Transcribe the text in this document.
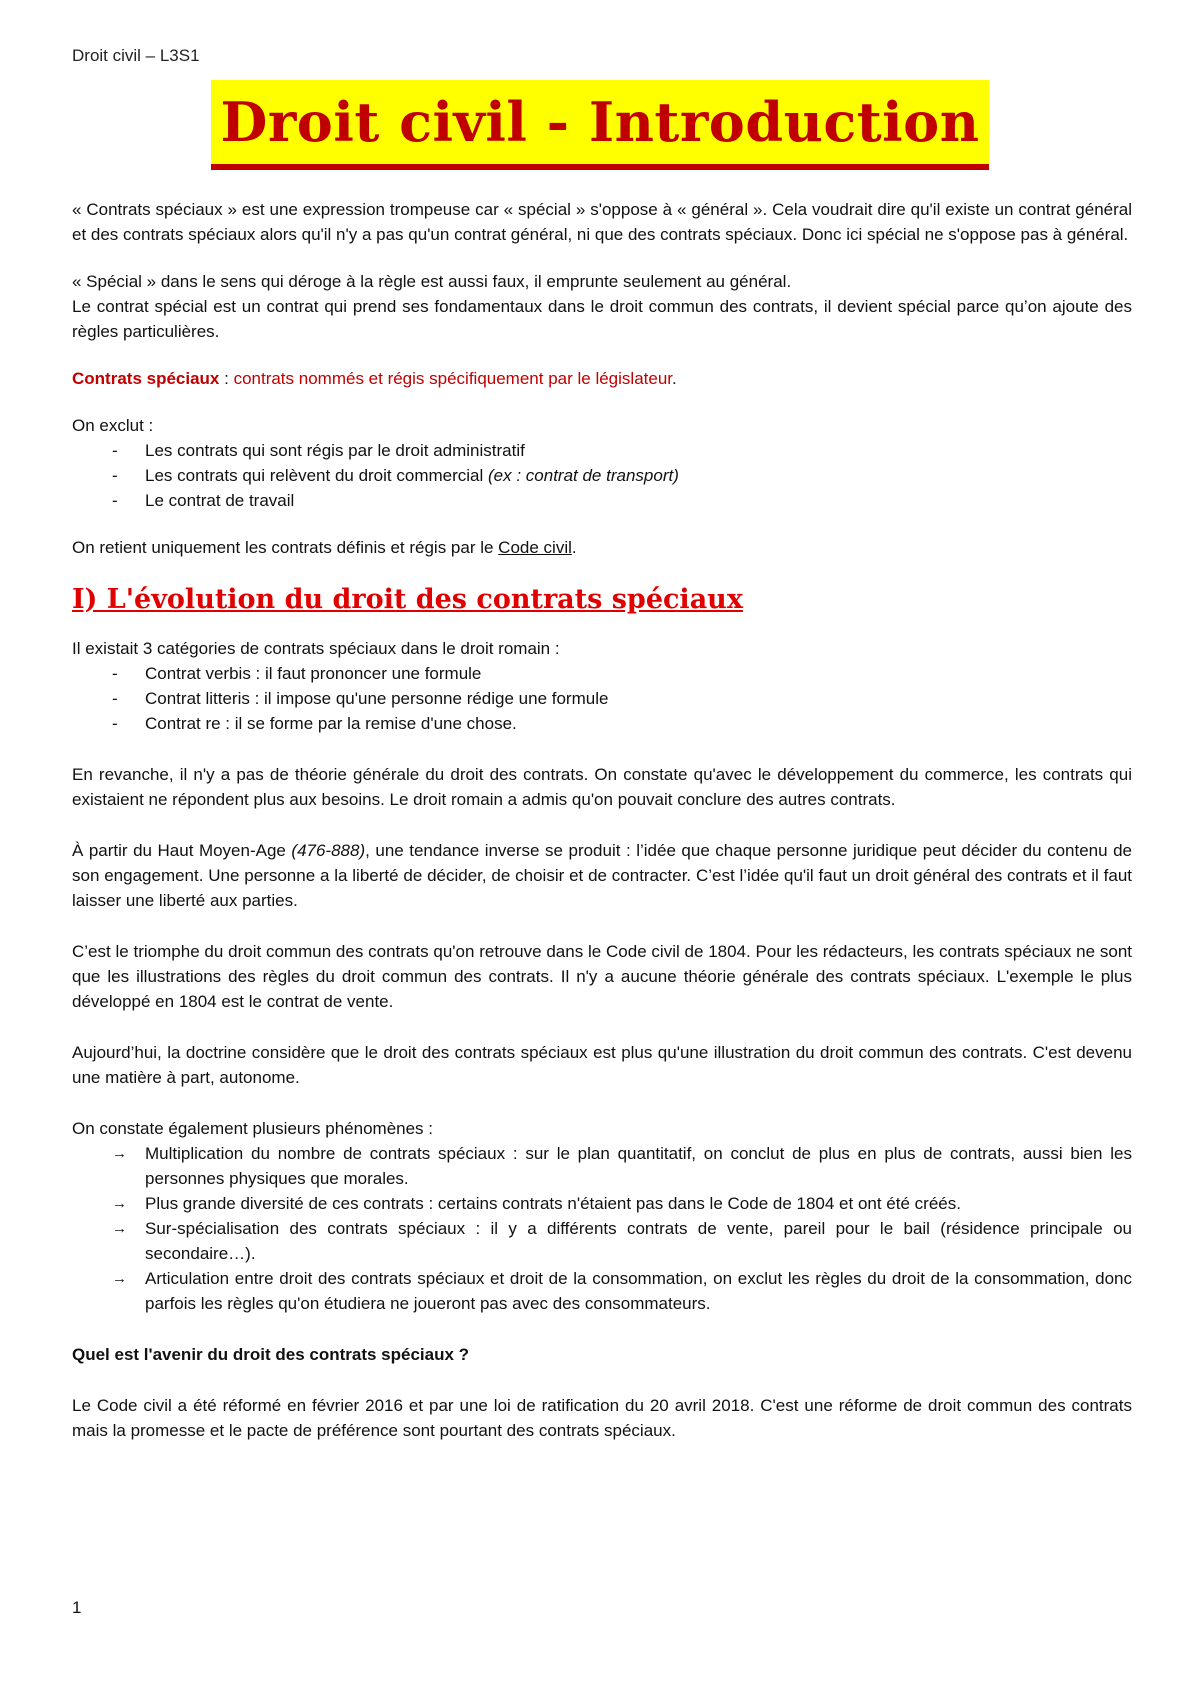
Droit civil – L3S1
Droit civil - Introduction

« Contrats spéciaux » est une expression trompeuse car « spécial » s'oppose à « général ». Cela voudrait dire qu'il existe un contrat général et des contrats spéciaux alors qu'il n'y a pas qu'un contrat général, ni que des contrats spéciaux. Donc ici spécial ne s'oppose pas à général.

« Spécial » dans le sens qui déroge à la règle est aussi faux, il emprunte seulement au général.

Le contrat spécial est un contrat qui prend ses fondamentaux dans le droit commun des contrats, il devient spécial parce qu’on ajoute des règles particulières.

Contrats spéciaux : contrats nommés et régis spécifiquement par le législateur.

On exclut :

- Les contrats qui sont régis par le droit administratif
- Les contrats qui relèvent du droit commercial (ex : contrat de transport)
- Le contrat de travail

On retient uniquement les contrats définis et régis par le Code civil.

I) L'évolution du droit des contrats spéciaux

Il existait 3 catégories de contrats spéciaux dans le droit romain :

- Contrat verbis : il faut prononcer une formule
- Contrat litteris : il impose qu'une personne rédige une formule
- Contrat re : il se forme par la remise d'une chose.

En revanche, il n'y a pas de théorie générale du droit des contrats. On constate qu'avec le développement du commerce, les contrats qui existaient ne répondent plus aux besoins. Le droit romain a admis qu'on pouvait conclure des autres contrats.

À partir du Haut Moyen-Age (476-888), une tendance inverse se produit : l’idée que chaque personne juridique peut décider du contenu de son engagement. Une personne a la liberté de décider, de choisir et de contracter. C’est l’idée qu'il faut un droit général des contrats et il faut laisser une liberté aux parties.

C’est le triomphe du droit commun des contrats qu'on retrouve dans le Code civil de 1804. Pour les rédacteurs, les contrats spéciaux ne sont que les illustrations des règles du droit commun des contrats. Il n'y a aucune théorie générale des contrats spéciaux. L'exemple le plus développé en 1804 est le contrat de vente.

Aujourd’hui, la doctrine considère que le droit des contrats spéciaux est plus qu'une illustration du droit commun des contrats. C'est devenu une matière à part, autonome.

On constate également plusieurs phénomènes :

→ Multiplication du nombre de contrats spéciaux : sur le plan quantitatif, on conclut de plus en plus de contrats, aussi bien les personnes physiques que morales.
→ Plus grande diversité de ces contrats : certains contrats n'étaient pas dans le Code de 1804 et ont été créés.
→ Sur-spécialisation des contrats spéciaux : il y a différents contrats de vente, pareil pour le bail (résidence principale ou secondaire…).
→ Articulation entre droit des contrats spéciaux et droit de la consommation, on exclut les règles du droit de la consommation, donc parfois les règles qu'on étudiera ne joueront pas avec des consommateurs.

Quel est l'avenir du droit des contrats spéciaux ?

Le Code civil a été réformé en février 2016 et par une loi de ratification du 20 avril 2018. C'est une réforme de droit commun des contrats mais la promesse et le pacte de préférence sont pourtant des contrats spéciaux.

1
